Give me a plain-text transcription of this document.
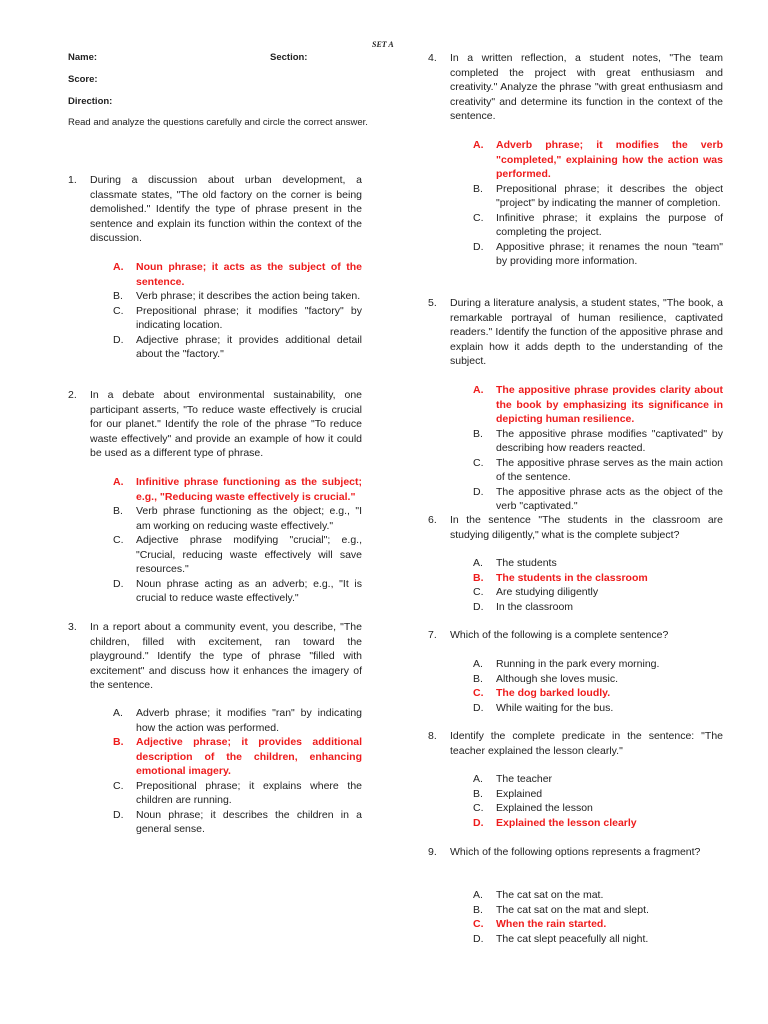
SET A
Name:	Section:
Score:
Direction:
Read and analyze the questions carefully and circle the correct answer.
1. During a discussion about urban development, a classmate states, "The old factory on the corner is being demolished." Identify the type of phrase present in the sentence and explain its function within the context of the discussion.
A. Noun phrase; it acts as the subject of the sentence.
B. Verb phrase; it describes the action being taken.
C. Prepositional phrase; it modifies "factory" by indicating location.
D. Adjective phrase; it provides additional detail about the "factory."
2. In a debate about environmental sustainability, one participant asserts, "To reduce waste effectively is crucial for our planet." Identify the role of the phrase "To reduce waste effectively" and provide an example of how it could be used as a different type of phrase.
A. Infinitive phrase functioning as the subject; e.g., "Reducing waste effectively is crucial."
B. Verb phrase functioning as the object; e.g., "I am working on reducing waste effectively."
C. Adjective phrase modifying "crucial"; e.g., "Crucial, reducing waste effectively will save resources."
D. Noun phrase acting as an adverb; e.g., "It is crucial to reduce waste effectively."
3. In a report about a community event, you describe, "The children, filled with excitement, ran toward the playground." Identify the type of phrase "filled with excitement" and discuss how it enhances the imagery of the sentence.
A. Adverb phrase; it modifies "ran" by indicating how the action was performed.
B. Adjective phrase; it provides additional description of the children, enhancing emotional imagery.
C. Prepositional phrase; it explains where the children are running.
D. Noun phrase; it describes the children in a general sense.
4. In a written reflection, a student notes, "The team completed the project with great enthusiasm and creativity." Analyze the phrase "with great enthusiasm and creativity" and determine its function in the context of the sentence.
A. Adverb phrase; it modifies the verb "completed," explaining how the action was performed.
B. Prepositional phrase; it describes the object "project" by indicating the manner of completion.
C. Infinitive phrase; it explains the purpose of completing the project.
D. Appositive phrase; it renames the noun "team" by providing more information.
5. During a literature analysis, a student states, "The book, a remarkable portrayal of human resilience, captivated readers." Identify the function of the appositive phrase and explain how it adds depth to the understanding of the subject.
A. The appositive phrase provides clarity about the book by emphasizing its significance in depicting human resilience.
B. The appositive phrase modifies "captivated" by describing how readers reacted.
C. The appositive phrase serves as the main action of the sentence.
D. The appositive phrase acts as the object of the verb "captivated."
6. In the sentence "The students in the classroom are studying diligently," what is the complete subject?
A. The students
B. The students in the classroom
C. Are studying diligently
D. In the classroom
7. Which of the following is a complete sentence?
A. Running in the park every morning.
B. Although she loves music.
C. The dog barked loudly.
D. While waiting for the bus.
8. Identify the complete predicate in the sentence: "The teacher explained the lesson clearly."
A. The teacher
B. Explained
C. Explained the lesson
D. Explained the lesson clearly
9. Which of the following options represents a fragment?
A. The cat sat on the mat.
B. The cat sat on the mat and slept.
C. When the rain started.
D. The cat slept peacefully all night.
